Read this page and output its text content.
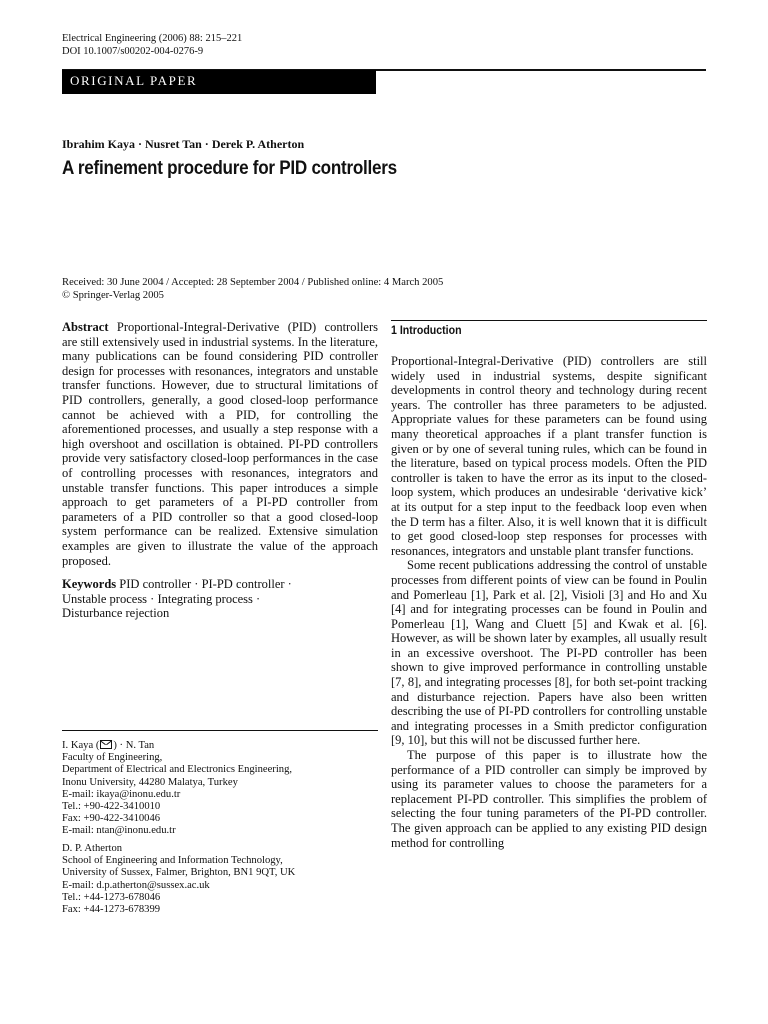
Electrical Engineering (2006) 88: 215–221
DOI 10.1007/s00202-004-0276-9
ORIGINAL PAPER
Ibrahim Kaya · Nusret Tan · Derek P. Atherton
A refinement procedure for PID controllers
Received: 30 June 2004 / Accepted: 28 September 2004 / Published online: 4 March 2005
© Springer-Verlag 2005

Abstract Proportional-Integral-Derivative (PID) controllers are still extensively used in industrial systems. In the literature, many publications can be found considering PID controller design for processes with resonances, integrators and unstable transfer functions. However, due to structural limitations of PID controllers, generally, a good closed-loop performance cannot be achieved with a PID, for controlling the aforementioned processes, and usually a step response with a high overshoot and oscillation is obtained. PI-PD controllers provide very satisfactory closed-loop performances in the case of controlling processes with resonances, integrators and unstable transfer functions. This paper introduces a simple approach to get parameters of a PI-PD controller from parameters of a PID controller so that a good closed-loop system performance can be realized. Extensive simulation examples are given to illustrate the value of the approach proposed.

Keywords PID controller · PI-PD controller ·
Unstable process · Integrating process ·
Disturbance rejection
I. Kaya ( ) · N. Tan
Faculty of Engineering,
Department of Electrical and Electronics Engineering,
Inonu University, 44280 Malatya, Turkey
E-mail: ikaya@inonu.edu.tr
Tel.: +90-422-3410010
Fax: +90-422-3410046
E-mail: ntan@inonu.edu.tr
D. P. Atherton
School of Engineering and Information Technology,
University of Sussex, Falmer, Brighton, BN1 9QT, UK
E-mail: d.p.atherton@sussex.ac.uk
Tel.: +44-1273-678046
Fax: +44-1273-678399
1 Introduction

Proportional-Integral-Derivative (PID) controllers are still widely used in industrial systems, despite significant developments in control theory and technology during recent years. The controller has three parameters to be adjusted. Appropriate values for these parameters can be found using many theoretical approaches if a plant transfer function is given or by one of several tuning rules, which can be found in the literature, based on typical process models. Often the PID controller is taken to have the error as its input to the closed-loop system, which produces an undesirable ‘derivative kick’ at its output for a step input to the feedback loop even when the D term has a filter. Also, it is well known that it is difficult to get good closed-loop step responses for processes with resonances, integrators and unstable plant transfer functions.

Some recent publications addressing the control of unstable processes from different points of view can be found in Poulin and Pomerleau [1], Park et al. [2], Visioli [3] and Ho and Xu [4] and for integrating processes can be found in Poulin and Pomerleau [1], Wang and Cluett [5] and Kwak et al. [6]. However, as will be shown later by examples, all usually result in an excessive overshoot. The PI-PD controller has been shown to give improved performance in controlling unstable [7, 8], and integrating processes [8], for both set-point tracking and disturbance rejection. Papers have also been written describing the use of PI-PD controllers for controlling unstable and integrating processes in a Smith predictor configuration [9, 10], but this will not be discussed further here.

The purpose of this paper is to illustrate how the performance of a PID controller can simply be improved by using its parameter values to choose the parameters for a replacement PI-PD controller. This simplifies the problem of selecting the four tuning parameters of the PI-PD controller. The given approach can be applied to any existing PID design method for controlling
